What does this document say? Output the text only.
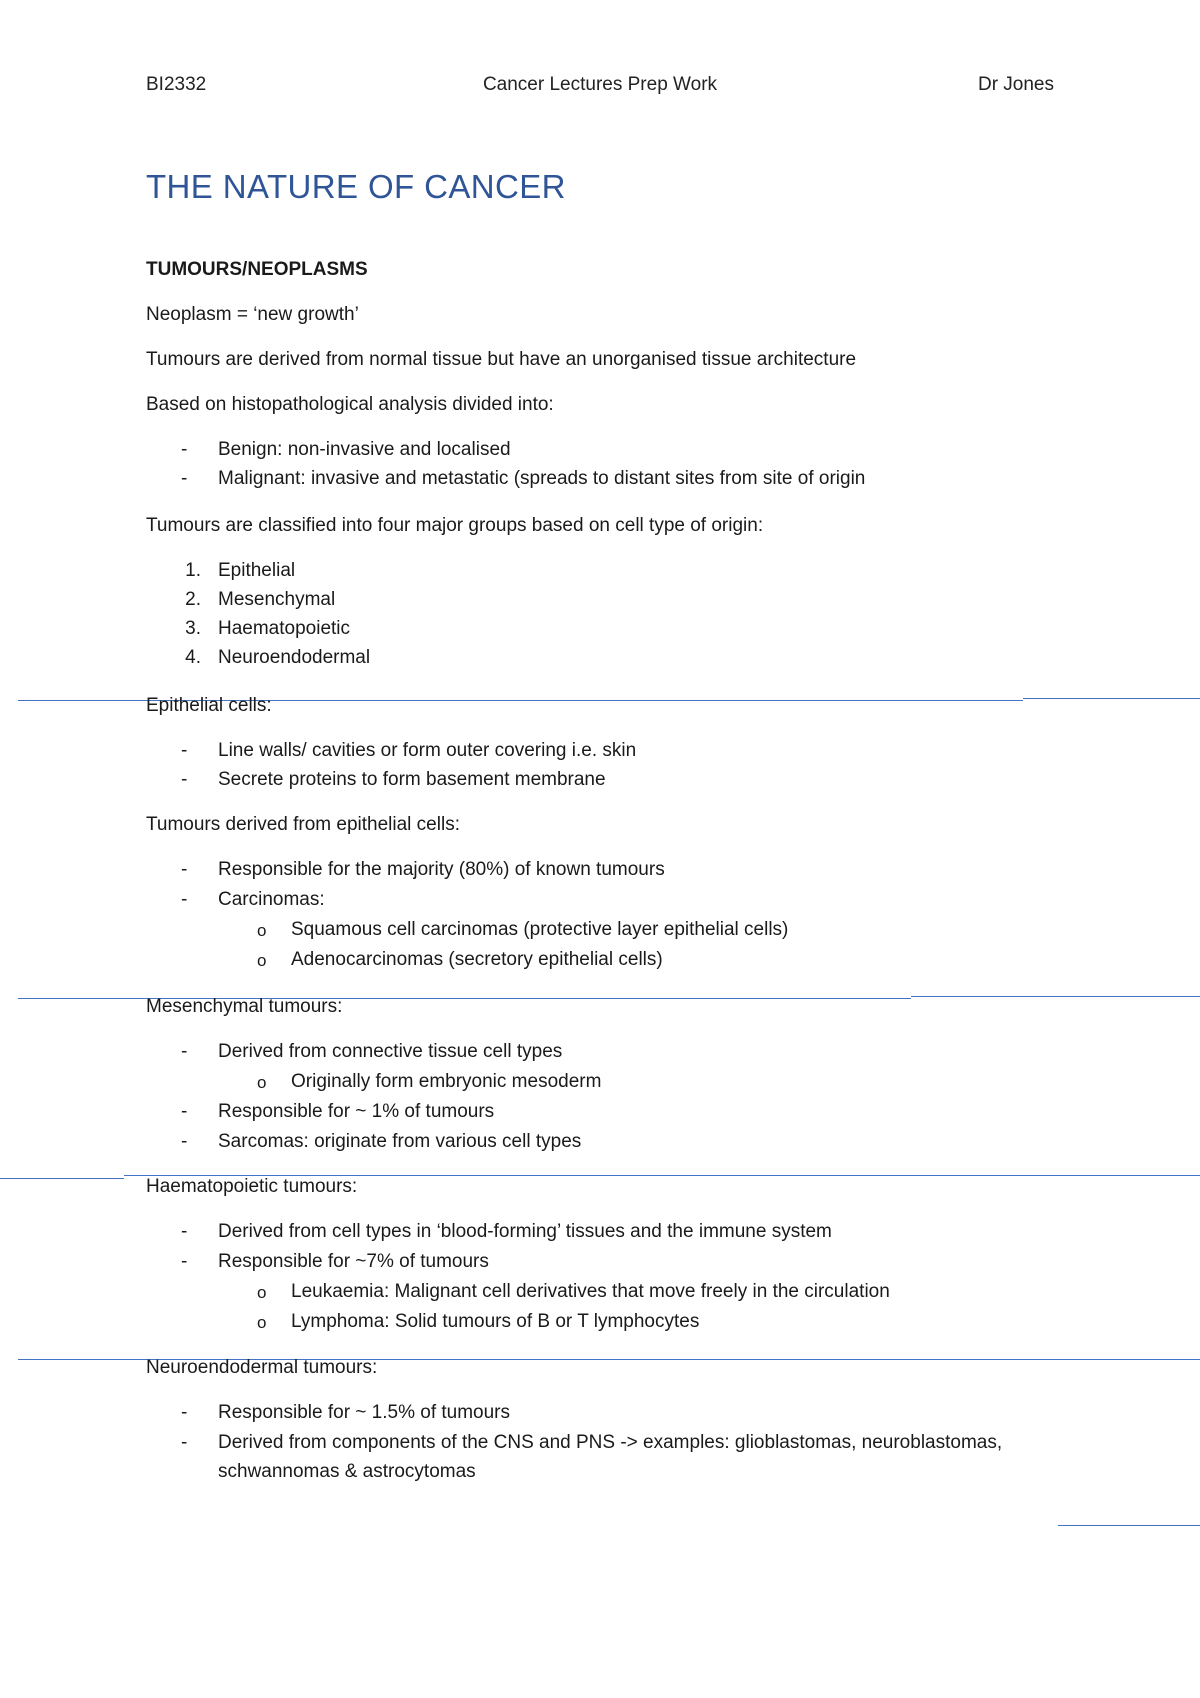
BI2332	Cancer Lectures Prep Work	Dr Jones
THE NATURE OF CANCER
TUMOURS/NEOPLASMS
Neoplasm = ‘new growth’
Tumours are derived from normal tissue but have an unorganised tissue architecture
Based on histopathological analysis divided into:
- Benign: non-invasive and localised
- Malignant: invasive and metastatic (spreads to distant sites from site of origin
Tumours are classified into four major groups based on cell type of origin:
1. Epithelial
2. Mesenchymal
3. Haematopoietic
4. Neuroendodermal
Epithelial cells:
- Line walls/ cavities or form outer covering i.e. skin
- Secrete proteins to form basement membrane
Tumours derived from epithelial cells:
- Responsible for the majority (80%) of known tumours
- Carcinomas:
o Squamous cell carcinomas (protective layer epithelial cells)
o Adenocarcinomas (secretory epithelial cells)
Mesenchymal tumours:
- Derived from connective tissue cell types
o Originally form embryonic mesoderm
- Responsible for ~ 1% of tumours
- Sarcomas: originate from various cell types
Haematopoietic tumours:
- Derived from cell types in ‘blood-forming’ tissues and the immune system
- Responsible for ~7% of tumours
o Leukaemia: Malignant cell derivatives that move freely in the circulation
o Lymphoma: Solid tumours of B or T lymphocytes
Neuroendodermal tumours:
- Responsible for ~ 1.5% of tumours
- Derived from components of the CNS and PNS -> examples: glioblastomas, neuroblastomas,
schwannomas & astrocytomas
